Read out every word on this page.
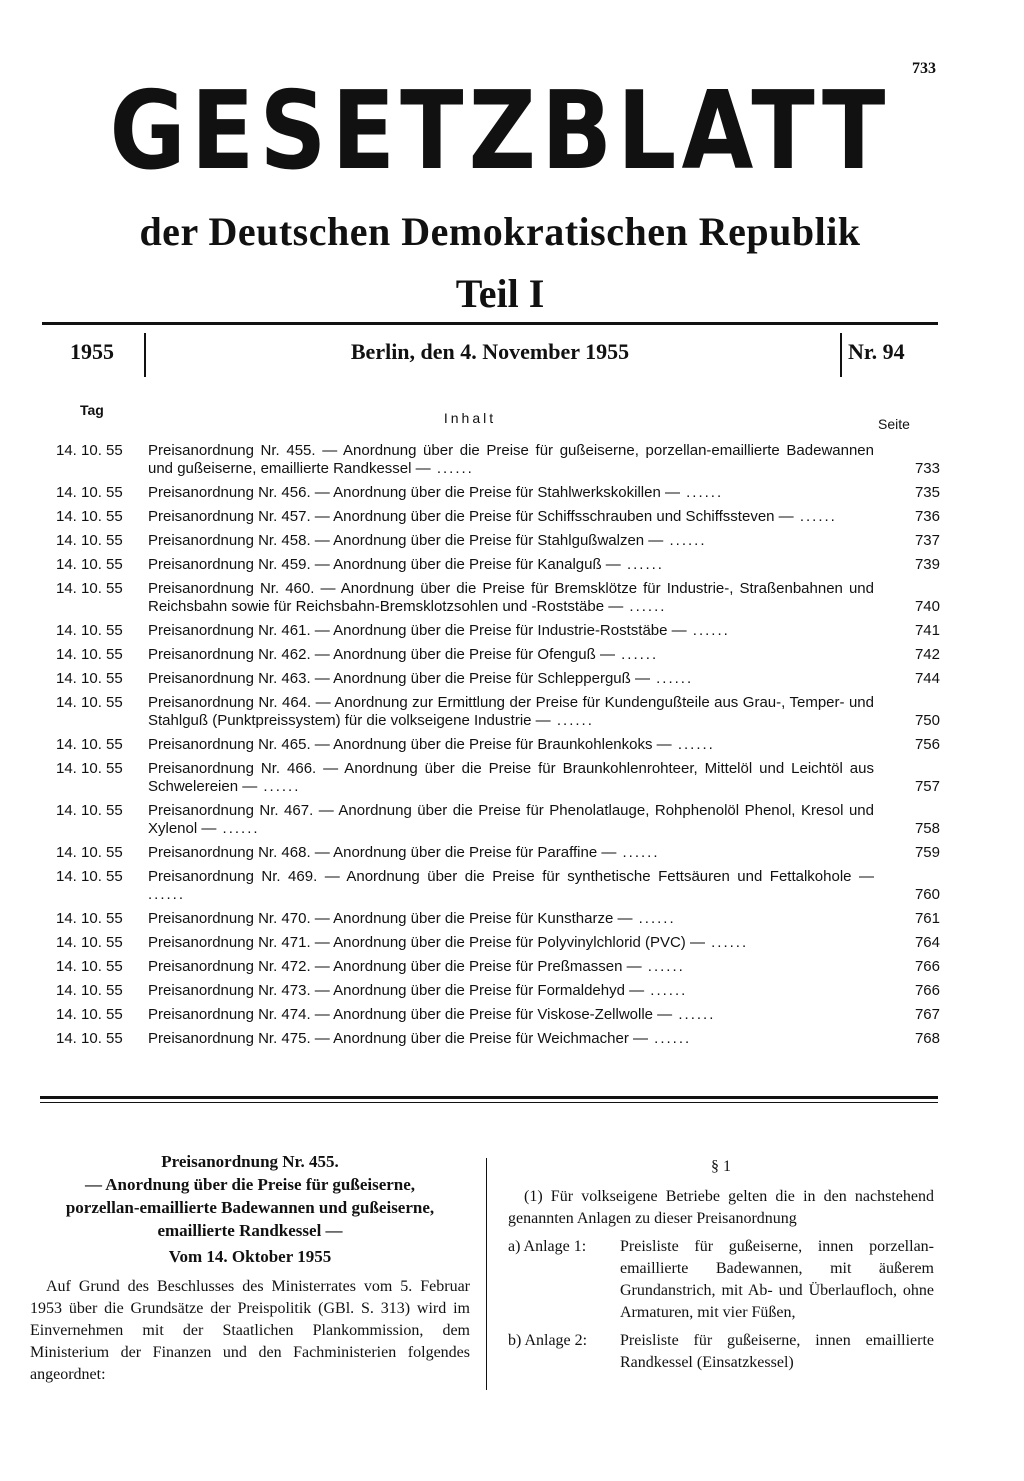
733
GESETZBLATT
der Deutschen Demokratischen Republik
Teil I
1955	Berlin, den 4. November 1955	Nr. 94
Tag	Inhalt	Seite
14. 10. 55	Preisanordnung Nr. 455. — Anordnung über die Preise für gußeiserne, porzellan-emaillierte Badewannen und gußeiserne, emaillierte Randkessel — ......	733
14. 10. 55	Preisanordnung Nr. 456. — Anordnung über die Preise für Stahlwerkskokillen — ......	735
14. 10. 55	Preisanordnung Nr. 457. — Anordnung über die Preise für Schiffsschrauben und Schiffssteven — ......	736
14. 10. 55	Preisanordnung Nr. 458. — Anordnung über die Preise für Stahlgußwalzen — ......	737
14. 10. 55	Preisanordnung Nr. 459. — Anordnung über die Preise für Kanalguß — ......	739
14. 10. 55	Preisanordnung Nr. 460. — Anordnung über die Preise für Bremsklötze für Industrie-, Straßenbahnen und Reichsbahn sowie für Reichsbahn-Bremsklotzsohlen und -Roststäbe — ......	740
14. 10. 55	Preisanordnung Nr. 461. — Anordnung über die Preise für Industrie-Roststäbe — ......	741
14. 10. 55	Preisanordnung Nr. 462. — Anordnung über die Preise für Ofenguß — ......	742
14. 10. 55	Preisanordnung Nr. 463. — Anordnung über die Preise für Schlepperguß — ......	744
14. 10. 55	Preisanordnung Nr. 464. — Anordnung zur Ermittlung der Preise für Kundengußteile aus Grau-, Temper- und Stahlguß (Punktpreissystem) für die volkseigene Industrie — ......	750
14. 10. 55	Preisanordnung Nr. 465. — Anordnung über die Preise für Braunkohlenkoks — ......	756
14. 10. 55	Preisanordnung Nr. 466. — Anordnung über die Preise für Braunkohlenrohteer, Mittelöl und Leichtöl aus Schwelereien — ......	757
14. 10. 55	Preisanordnung Nr. 467. — Anordnung über die Preise für Phenolatlauge, Rohphenolöl Phenol, Kresol und Xylenol — ......	758
14. 10. 55	Preisanordnung Nr. 468. — Anordnung über die Preise für Paraffine — ......	759
14. 10. 55	Preisanordnung Nr. 469. — Anordnung über die Preise für synthetische Fettsäuren und Fettalkohole — ......	760
14. 10. 55	Preisanordnung Nr. 470. — Anordnung über die Preise für Kunstharze — ......	761
14. 10. 55	Preisanordnung Nr. 471. — Anordnung über die Preise für Polyvinylchlorid (PVC) — ......	764
14. 10. 55	Preisanordnung Nr. 472. — Anordnung über die Preise für Preßmassen — ......	766
14. 10. 55	Preisanordnung Nr. 473. — Anordnung über die Preise für Formaldehyd — ......	766
14. 10. 55	Preisanordnung Nr. 474. — Anordnung über die Preise für Viskose-Zellwolle — ......	767
14. 10. 55	Preisanordnung Nr. 475. — Anordnung über die Preise für Weichmacher — ......	768
Preisanordnung Nr. 455.
— Anordnung über die Preise für gußeiserne,
porzellan-emaillierte Badewannen und gußeiserne,
emaillierte Randkessel —
Vom 14. Oktober 1955
Auf Grund des Beschlusses des Ministerrates vom 5. Februar 1953 über die Grundsätze der Preispolitik (GBl. S. 313) wird im Einvernehmen mit der Staatlichen Plankommission, dem Ministerium der Finanzen und den Fachministerien folgendes angeordnet:
§ 1
(1) Für volkseigene Betriebe gelten die in den nachstehend genannten Anlagen zu dieser Preisanordnung
a) Anlage 1:	Preisliste für gußeiserne, innen porzellan-emaillierte Badewannen, mit äußerem Grundanstrich, mit Ab- und Überlaufloch, ohne Armaturen, mit vier Füßen,
b) Anlage 2:	Preisliste für gußeiserne, innen emaillierte Randkessel (Einsatzkessel)
